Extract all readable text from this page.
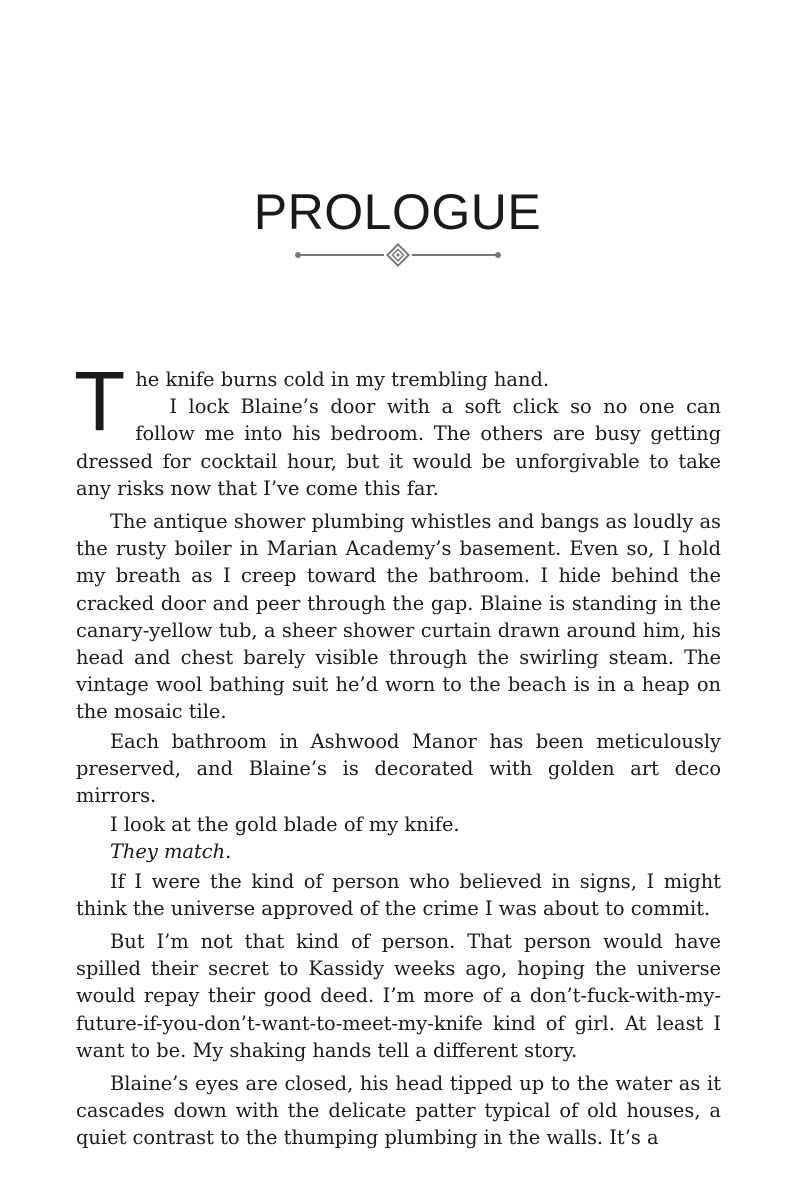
PROLOGUE

The knife burns cold in my trembling hand.
I lock Blaine’s door with a soft click so no one can follow me into his bedroom. The others are busy getting dressed for cocktail hour, but it would be unforgivable to take any risks now that I’ve come this far.

The antique shower plumbing whistles and bangs as loudly as the rusty boiler in Marian Academy’s basement. Even so, I hold my breath as I creep toward the bathroom. I hide behind the cracked door and peer through the gap. Blaine is standing in the canary-yellow tub, a sheer shower curtain drawn around him, his head and chest barely visible through the swirling steam. The vintage wool bathing suit he’d worn to the beach is in a heap on the mosaic tile.

Each bathroom in Ashwood Manor has been meticulously preserved, and Blaine’s is decorated with golden art deco mirrors.

I look at the gold blade of my knife.

They match.

If I were the kind of person who believed in signs, I might think the universe approved of the crime I was about to commit.

But I’m not that kind of person. That person would have spilled their secret to Kassidy weeks ago, hoping the universe would repay their good deed. I’m more of a don’t-fuck-with-my-future-if-you-don’t-want-to-meet-my-knife kind of girl. At least I want to be. My shaking hands tell a different story.

Blaine’s eyes are closed, his head tipped up to the water as it cascades down with the delicate patter typical of old houses, a quiet contrast to the thumping plumbing in the walls. It’s a
